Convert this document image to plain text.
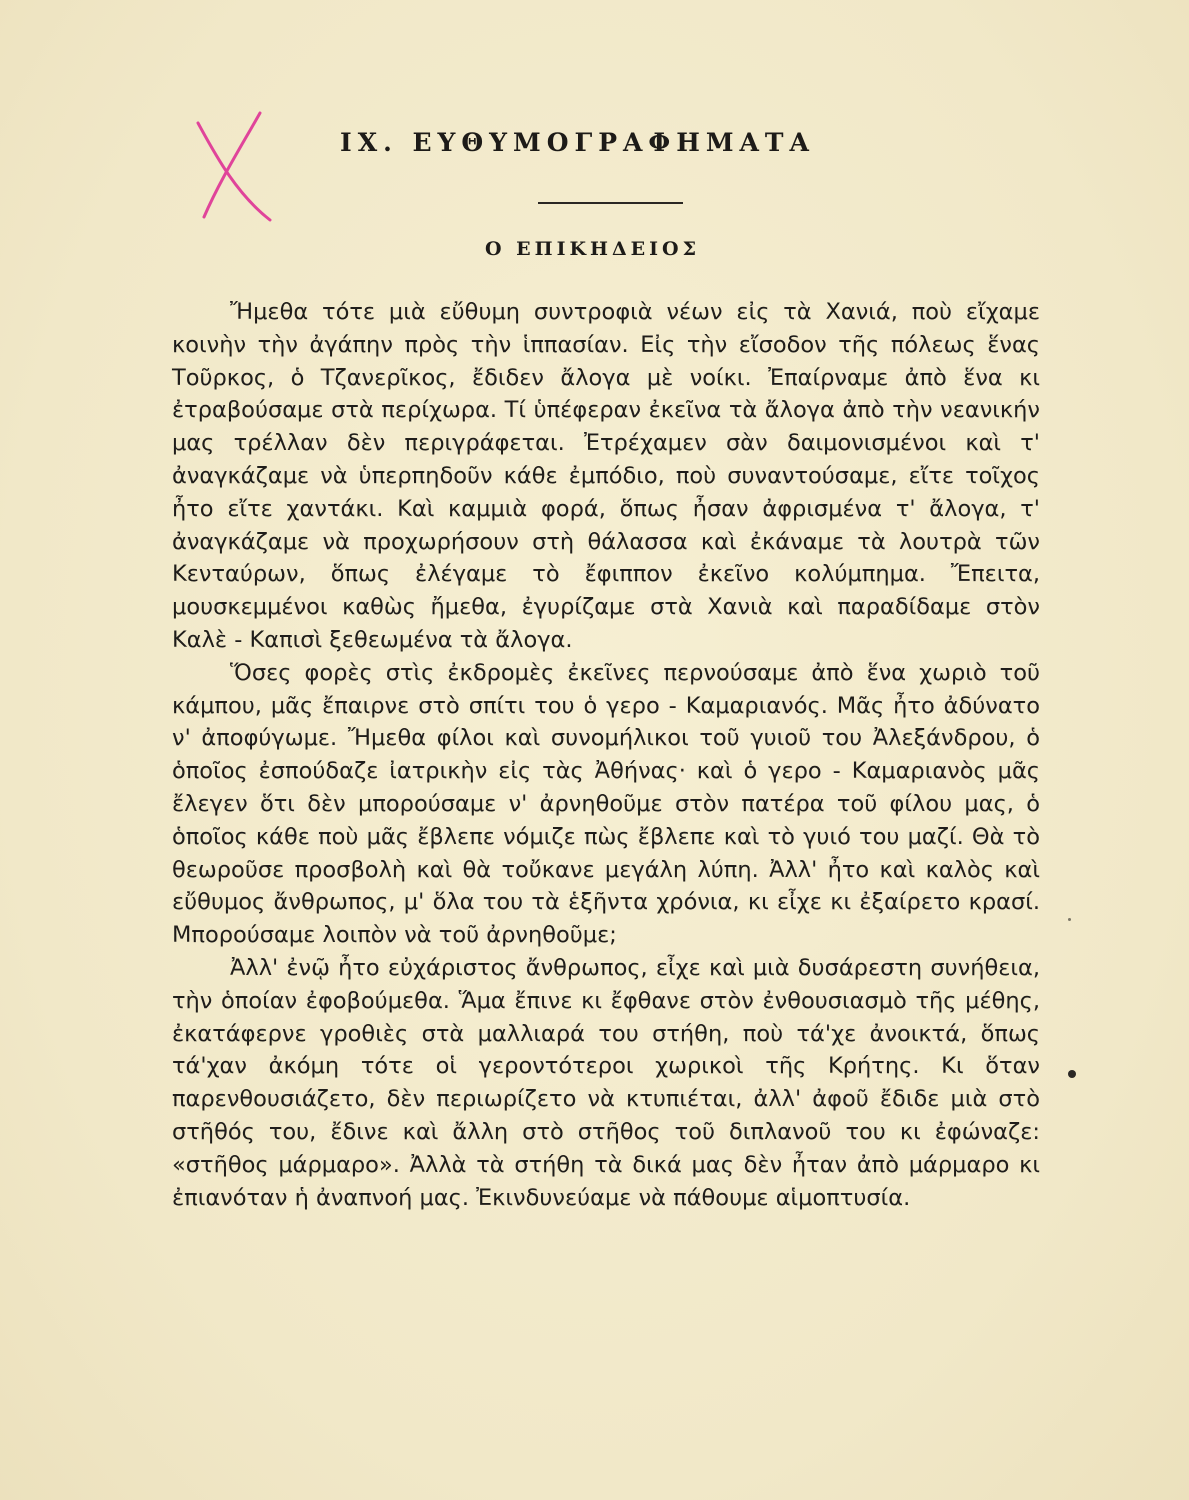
IX. ΕΥΘΥΜΟΓΡΑΦΗΜΑΤΑ
Ο ΕΠΙΚΗΔΕΙΟΣ

Ἤμεθα τότε μιὰ εὔθυμη συντροφιὰ νέων εἰς τὰ Χανιά, ποὺ εἴχαμε κοινὴν τὴν ἀγάπην πρὸς τὴν ἱππασίαν. Εἰς τὴν εἴσοδον τῆς πόλεως ἕνας Τοῦρκος, ὁ Τζανερῖκος, ἔδιδεν ἄλογα μὲ νοίκι. Ἐπαίρναμε ἀπὸ ἕνα κι ἐτραβούσαμε στὰ περίχωρα. Τί ὑπέφεραν ἐκεῖνα τὰ ἄλογα ἀπὸ τὴν νεανικήν μας τρέλλαν δὲν περιγράφεται. Ἐτρέχαμεν σὰν δαιμονισμένοι καὶ τ' ἀναγκάζαμε νὰ ὑπερπηδοῦν κάθε ἐμπόδιο, ποὺ συναντούσαμε, εἴτε τοῖχος ἦτο εἴτε χαντάκι. Καὶ καμμιὰ φορά, ὅπως ἦσαν ἀφρισμένα τ' ἄλογα, τ' ἀναγκάζαμε νὰ προχωρήσουν στὴ θάλασσα καὶ ἐκάναμε τὰ λουτρὰ τῶν Κενταύρων, ὅπως ἐλέγαμε τὸ ἔφιππον ἐκεῖνο κολύμπημα. Ἔπειτα, μουσκεμμένοι καθὼς ἤμεθα, ἐγυρίζαμε στὰ Χανιὰ καὶ παραδίδαμε στὸν Καλὲ - Καπισὶ ξεθεωμένα τὰ ἄλογα.

Ὅσες φορὲς στὶς ἐκδρομὲς ἐκεῖνες περνούσαμε ἀπὸ ἕνα χωριὸ τοῦ κάμπου, μᾶς ἔπαιρνε στὸ σπίτι του ὁ γερο - Καμαριανός. Μᾶς ἦτο ἀδύνατο ν' ἀποφύγωμε. Ἤμεθα φίλοι καὶ συνομήλικοι τοῦ γυιοῦ του Ἀλεξάνδρου, ὁ ὁποῖος ἐσπούδαζε ἰατρικὴν εἰς τὰς Ἀθήνας· καὶ ὁ γερο - Καμαριανὸς μᾶς ἔλεγεν ὅτι δὲν μπορούσαμε ν' ἀρνηθοῦμε στὸν πατέρα τοῦ φίλου μας, ὁ ὁποῖος κάθε ποὺ μᾶς ἔβλεπε νόμιζε πὼς ἔβλεπε καὶ τὸ γυιό του μαζί. Θὰ τὸ θεωροῦσε προσβολὴ καὶ θὰ τοὔκανε μεγάλη λύπη. Ἀλλ' ἦτο καὶ καλὸς καὶ εὔθυμος ἄνθρωπος, μ' ὅλα του τὰ ἑξῆντα χρόνια, κι εἶχε κι ἐξαίρετο κρασί. Μπορούσαμε λοιπὸν νὰ τοῦ ἀρνηθοῦμε;

Ἀλλ' ἐνῷ ἦτο εὐχάριστος ἄνθρωπος, εἶχε καὶ μιὰ δυσάρεστη συνήθεια, τὴν ὁποίαν ἐφοβούμεθα. Ἅμα ἔπινε κι ἔφθανε στὸν ἐνθουσιασμὸ τῆς μέθης, ἐκατάφερνε γροθιὲς στὰ μαλλιαρά του στήθη, ποὺ τά'χε ἀνοικτά, ὅπως τά'χαν ἀκόμη τότε οἱ γεροντότεροι χωρικοὶ τῆς Κρήτης. Κι ὅταν παρενθουσιάζετο, δὲν περιωρίζετο νὰ κτυπιέται, ἀλλ' ἀφοῦ ἔδιδε μιὰ στὸ στῆθός του, ἔδινε καὶ ἄλλη στὸ στῆθος τοῦ διπλανοῦ του κι ἐφώναζε: «στῆθος μάρμαρο». Ἀλλὰ τὰ στήθη τὰ δικά μας δὲν ἦταν ἀπὸ μάρμαρο κι ἐπιανόταν ἡ ἀναπνοή μας. Ἐκινδυνεύαμε νὰ πάθουμε αἱμοπτυσία.
